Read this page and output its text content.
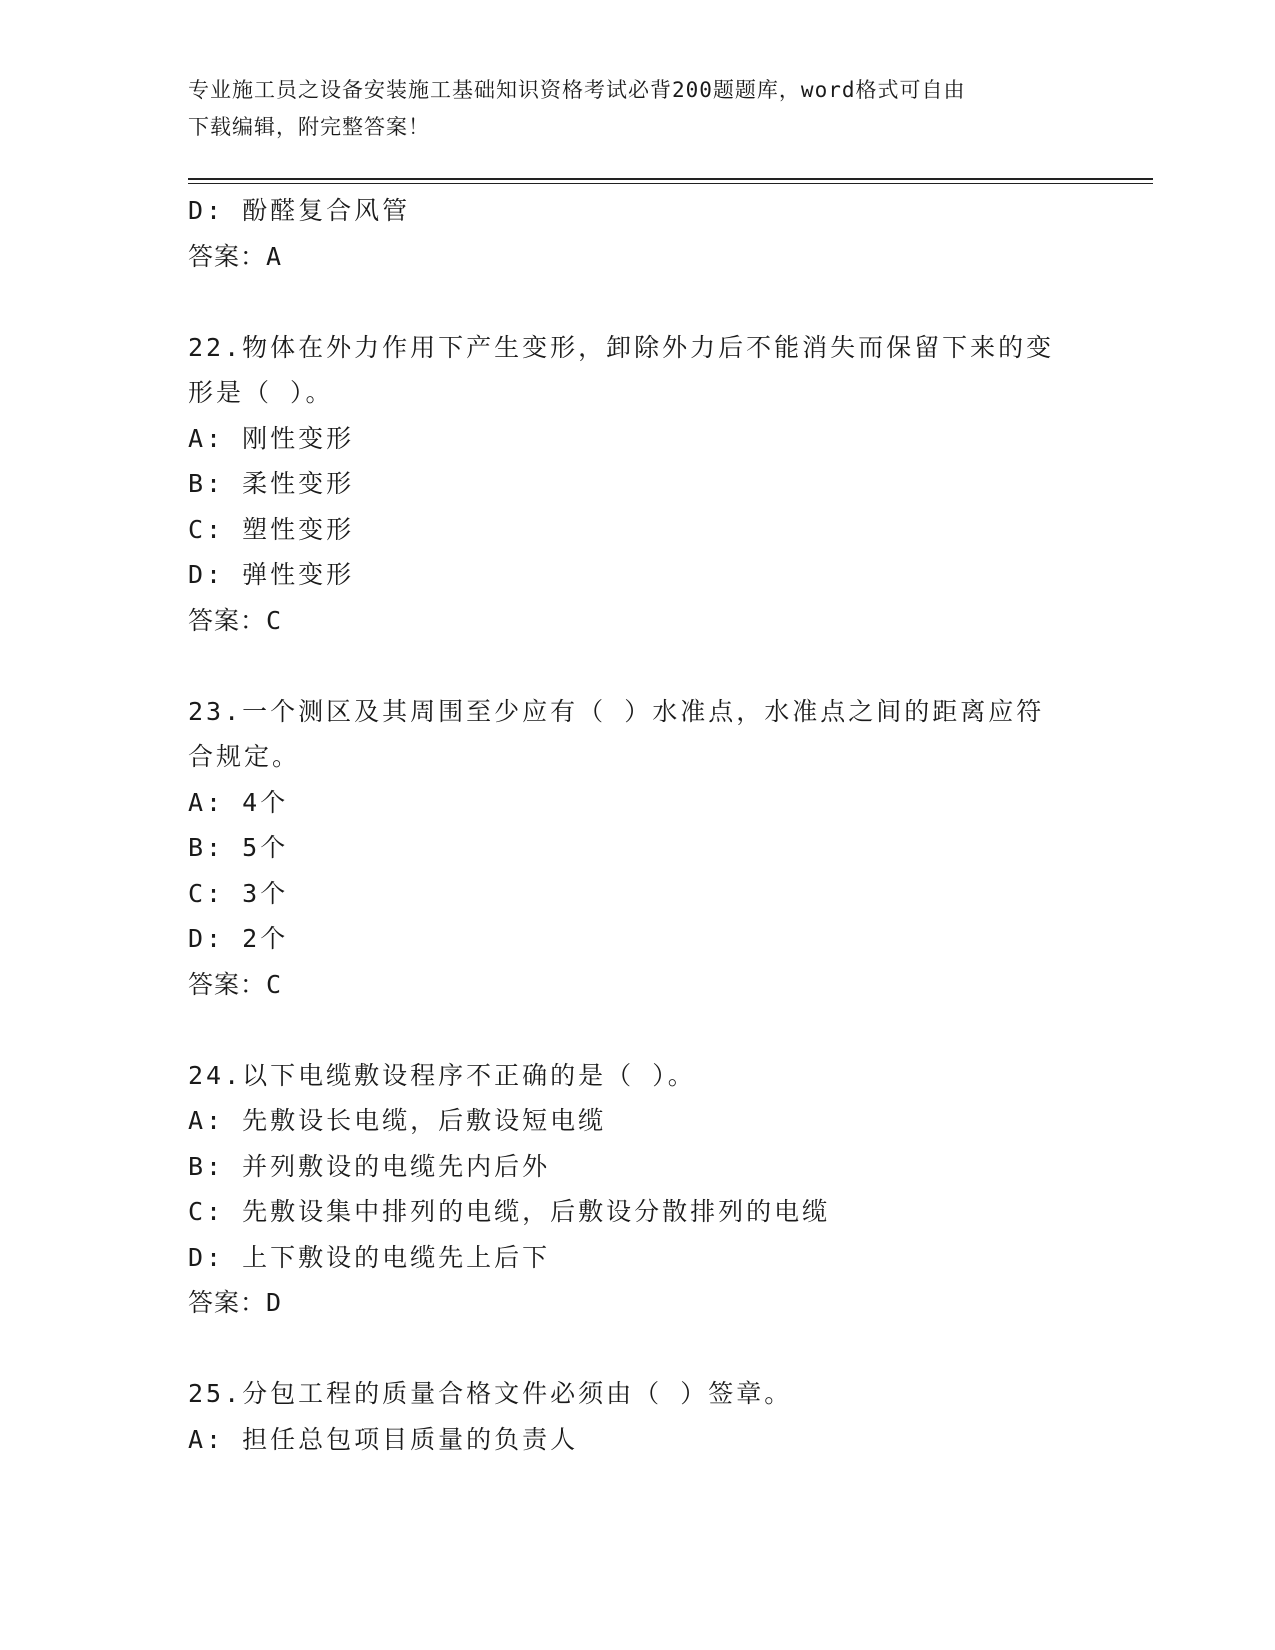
专业施工员之设备安装施工基础知识资格考试必背200题题库，word格式可自由
下载编辑，附完整答案！
D: 酚醛复合风管
答案：A
22.物体在外力作用下产生变形，卸除外力后不能消失而保留下来的变
形是（ ）。
A: 刚性变形
B: 柔性变形
C: 塑性变形
D: 弹性变形
答案：C
23.一个测区及其周围至少应有（ ）水准点，水准点之间的距离应符
合规定。
A: 4个
B: 5个
C: 3个
D: 2个
答案：C
24.以下电缆敷设程序不正确的是（ ）。
A: 先敷设长电缆，后敷设短电缆
B: 并列敷设的电缆先内后外
C: 先敷设集中排列的电缆，后敷设分散排列的电缆
D: 上下敷设的电缆先上后下
答案：D
25.分包工程的质量合格文件必须由（ ）签章。
A: 担任总包项目质量的负责人
